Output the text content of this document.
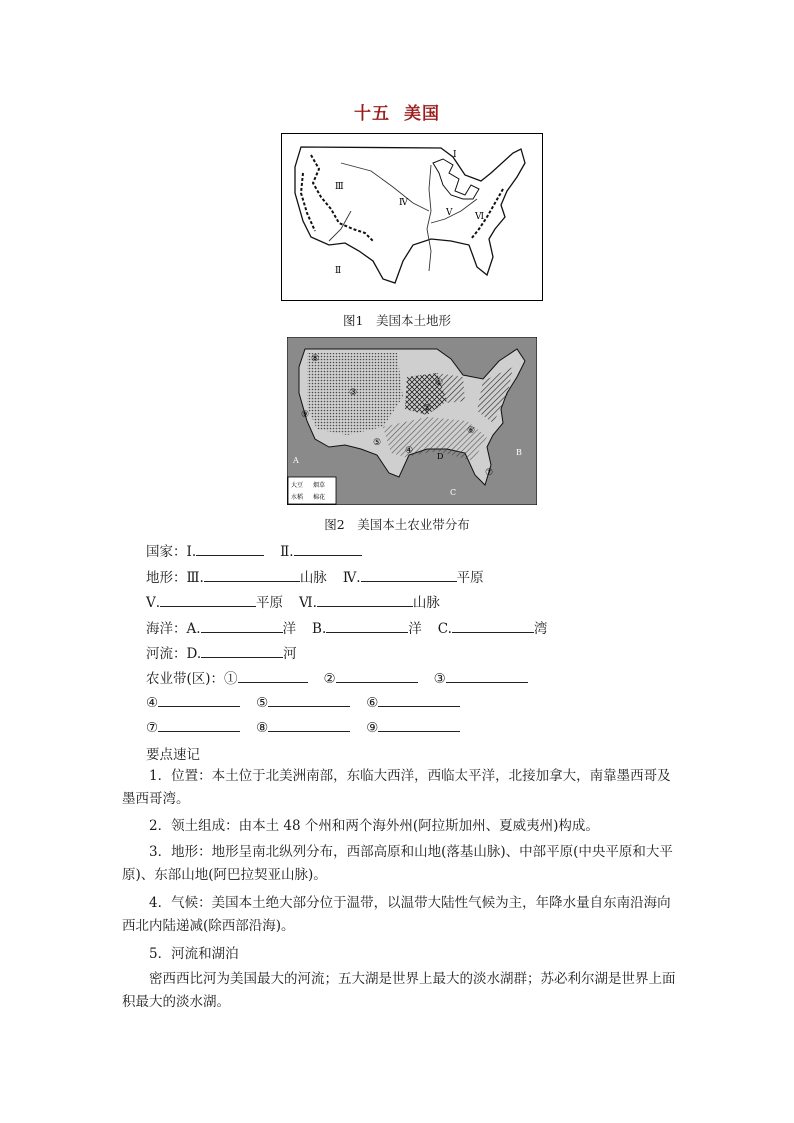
十五 美国
Ⅰ
Ⅱ
Ⅲ
Ⅳ
Ⅴ	Ⅵ
图1　美国本土地形
A
B
C
D
①
②
③
④
⑤
⑥
⑦
⑧
⑨
大豆 烟草
水稻 棉花
图2　美国本土农业带分布
国家：Ⅰ.	Ⅱ.
地形：Ⅲ.	山脉 Ⅳ.	平原
Ⅴ.	平原 Ⅵ.	山脉
海洋：A.	洋 B.	洋 C.	湾
河流：D.	河
农业带(区)：①	②	③
④	⑤	⑥
⑦	⑧	⑨
要点速记
1．位置：本土位于北美洲南部，东临大西洋，西临太平洋，北接加拿大，南靠墨西哥及墨西哥湾。
2．领土组成：由本土 48 个州和两个海外州(阿拉斯加州、夏威夷州)构成。
3．地形：地形呈南北纵列分布，西部高原和山地(落基山脉)、中部平原(中央平原和大平原)、东部山地(阿巴拉契亚山脉)。
4．气候：美国本土绝大部分位于温带，以温带大陆性气候为主，年降水量自东南沿海向西北内陆递减(除西部沿海)。
5．河流和湖泊
密西西比河为美国最大的河流；五大湖是世界上最大的淡水湖群；苏必利尔湖是世界上面积最大的淡水湖。
